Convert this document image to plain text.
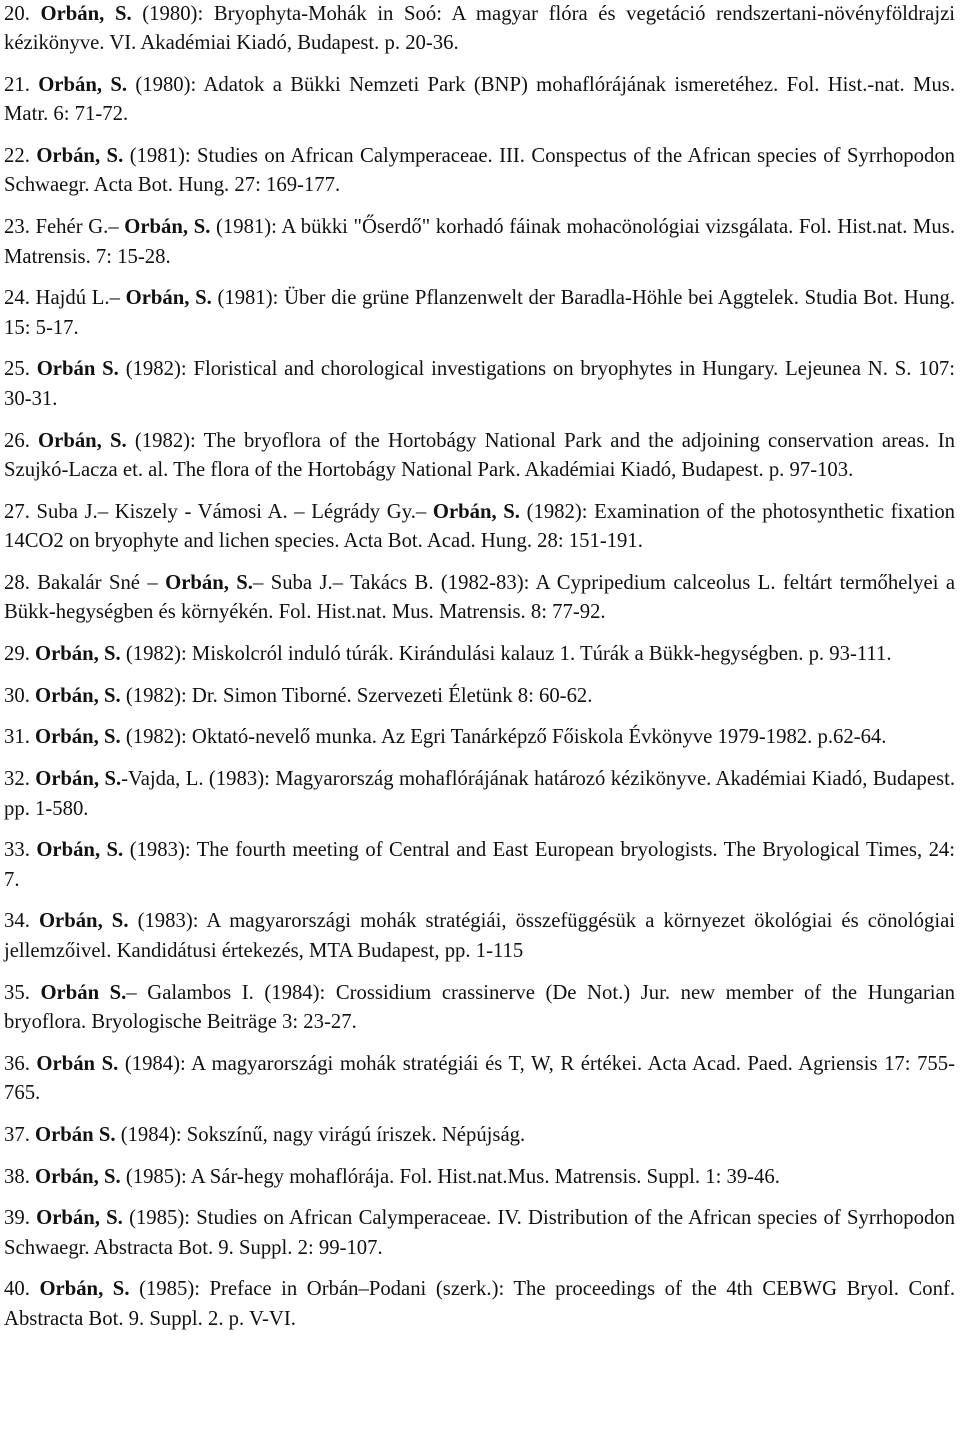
20. Orbán, S. (1980): Bryophyta-Mohák in Soó: A magyar flóra és vegetáció rendszertani-növényföldrajzi kézikönyve. VI. Akadémiai Kiadó, Budapest. p. 20-36.

21. Orbán, S. (1980): Adatok a Bükki Nemzeti Park (BNP) mohaflórájának ismeretéhez. Fol. Hist.-nat. Mus. Matr. 6: 71-72.

22. Orbán, S. (1981): Studies on African Calymperaceae. III. Conspectus of the African species of Syrrhopodon Schwaegr. Acta Bot. Hung. 27: 169-177.

23. Fehér G.– Orbán, S. (1981): A bükki "Őserdő" korhadó fáinak mohacönológiai vizsgálata. Fol. Hist.nat. Mus. Matrensis. 7: 15-28.

24. Hajdú L.– Orbán, S. (1981): Über die grüne Pflanzenwelt der Baradla-Höhle bei Aggtelek. Studia Bot. Hung. 15: 5-17.

25. Orbán S. (1982): Floristical and chorological investigations on bryophytes in Hungary. Lejeunea N. S. 107: 30-31.

26. Orbán, S. (1982): The bryoflora of the Hortobágy National Park and the adjoining conservation areas. In Szujkó-Lacza et. al. The flora of the Hortobágy National Park. Akadémiai Kiadó, Budapest. p. 97-103.

27. Suba J.– Kiszely - Vámosi A. – Légrády Gy.– Orbán, S. (1982): Examination of the photosynthetic fixation 14CO2 on bryophyte and lichen species. Acta Bot. Acad. Hung. 28: 151-191.

28. Bakalár Sné – Orbán, S.– Suba J.– Takács B. (1982-83): A Cypripedium calceolus L. feltárt termőhelyei a Bükk-hegységben és környékén. Fol. Hist.nat. Mus. Matrensis. 8: 77-92.

29. Orbán, S. (1982): Miskolcról induló túrák. Kirándulási kalauz 1. Túrák a Bükk-hegységben. p. 93-111.

30. Orbán, S. (1982): Dr. Simon Tiborné. Szervezeti Életünk 8: 60-62.

31. Orbán, S. (1982): Oktató-nevelő munka. Az Egri Tanárképző Főiskola Évkönyve 1979-1982. p.62-64.

32. Orbán, S.-Vajda, L. (1983): Magyarország mohaflórájának határozó kézikönyve. Akadémiai Kiadó, Budapest. pp. 1-580.

33. Orbán, S. (1983): The fourth meeting of Central and East European bryologists. The Bryological Times, 24: 7.

34. Orbán, S. (1983): A magyarországi mohák stratégiái, összefüggésük a környezet ökológiai és cönológiai jellemzőivel. Kandidátusi értekezés, MTA Budapest, pp. 1-115

35. Orbán S.– Galambos I. (1984): Crossidium crassinerve (De Not.) Jur. new member of the Hungarian bryoflora. Bryologische Beiträge 3: 23-27.

36. Orbán S. (1984): A magyarországi mohák stratégiái és T, W, R értékei. Acta Acad. Paed. Agriensis 17: 755-765.

37. Orbán S. (1984): Sokszínű, nagy virágú íriszek. Népújság.

38. Orbán, S. (1985): A Sár-hegy mohaflórája. Fol. Hist.nat.Mus. Matrensis. Suppl. 1: 39-46.

39. Orbán, S. (1985): Studies on African Calymperaceae. IV. Distribution of the African species of Syrrhopodon Schwaegr. Abstracta Bot. 9. Suppl. 2: 99-107.

40. Orbán, S. (1985): Preface in Orbán–Podani (szerk.): The proceedings of the 4th CEBWG Bryol. Conf. Abstracta Bot. 9. Suppl. 2. p. V-VI.
